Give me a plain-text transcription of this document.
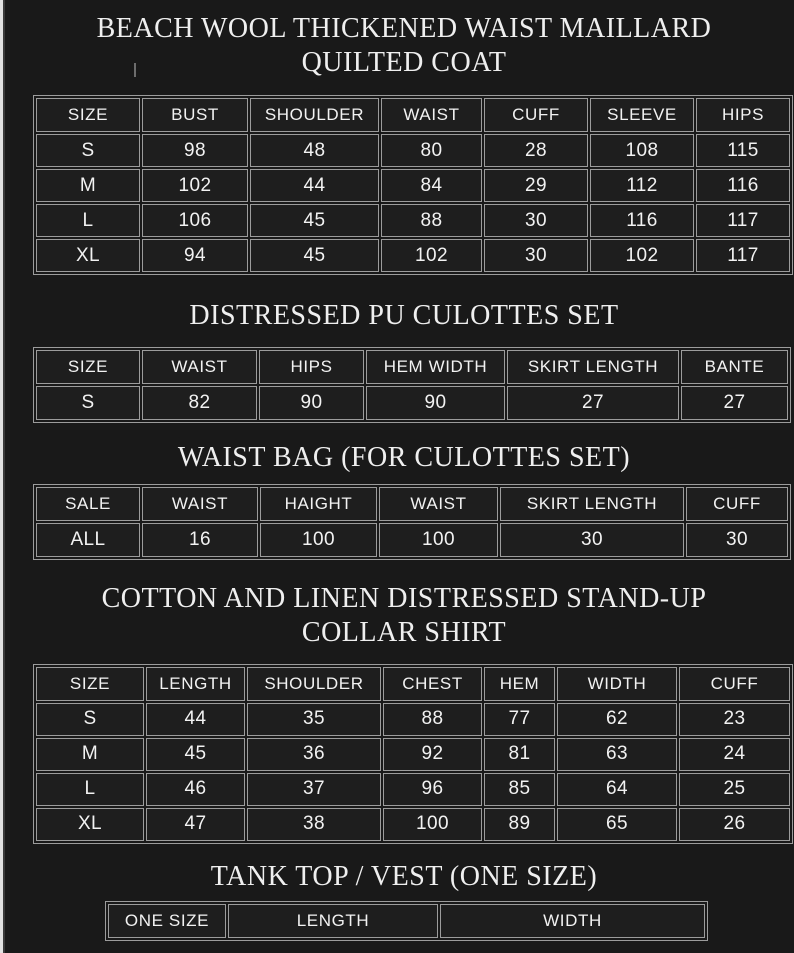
BEACH WOOL THICKENED WAIST MAILLARD QUILTED COAT
SIZE	BUST	SHOULDER	WAIST	CUFF	SLEEVE	HIPS
S	98	48	80	28	108	115
M	102	44	84	29	112	116
L	106	45	88	30	116	117
XL	94	45	102	30	102	117
DISTRESSED PU CULOTTES SET
SIZE	WAIST	HIPS	HEM WIDTH	SKIRT LENGTH	BANTE
S	82	90	90	27	27
WAIST BAG (FOR CULOTTES SET)
SALE	WAIST	HAIGHT	WAIST	SKIRT LENGTH	CUFF
ALL	16	100	100	30	30
COTTON AND LINEN DISTRESSED STAND-UP COLLAR SHIRT
SIZE	LENGTH	SHOULDER	CHEST	HEM	WIDTH	CUFF
S	44	35	88	77	62	23
M	45	36	92	81	63	24
L	46	37	96	85	64	25
XL	47	38	100	89	65	26
TANK TOP / VEST (ONE SIZE)
ONE SIZE	LENGTH	WIDTH
